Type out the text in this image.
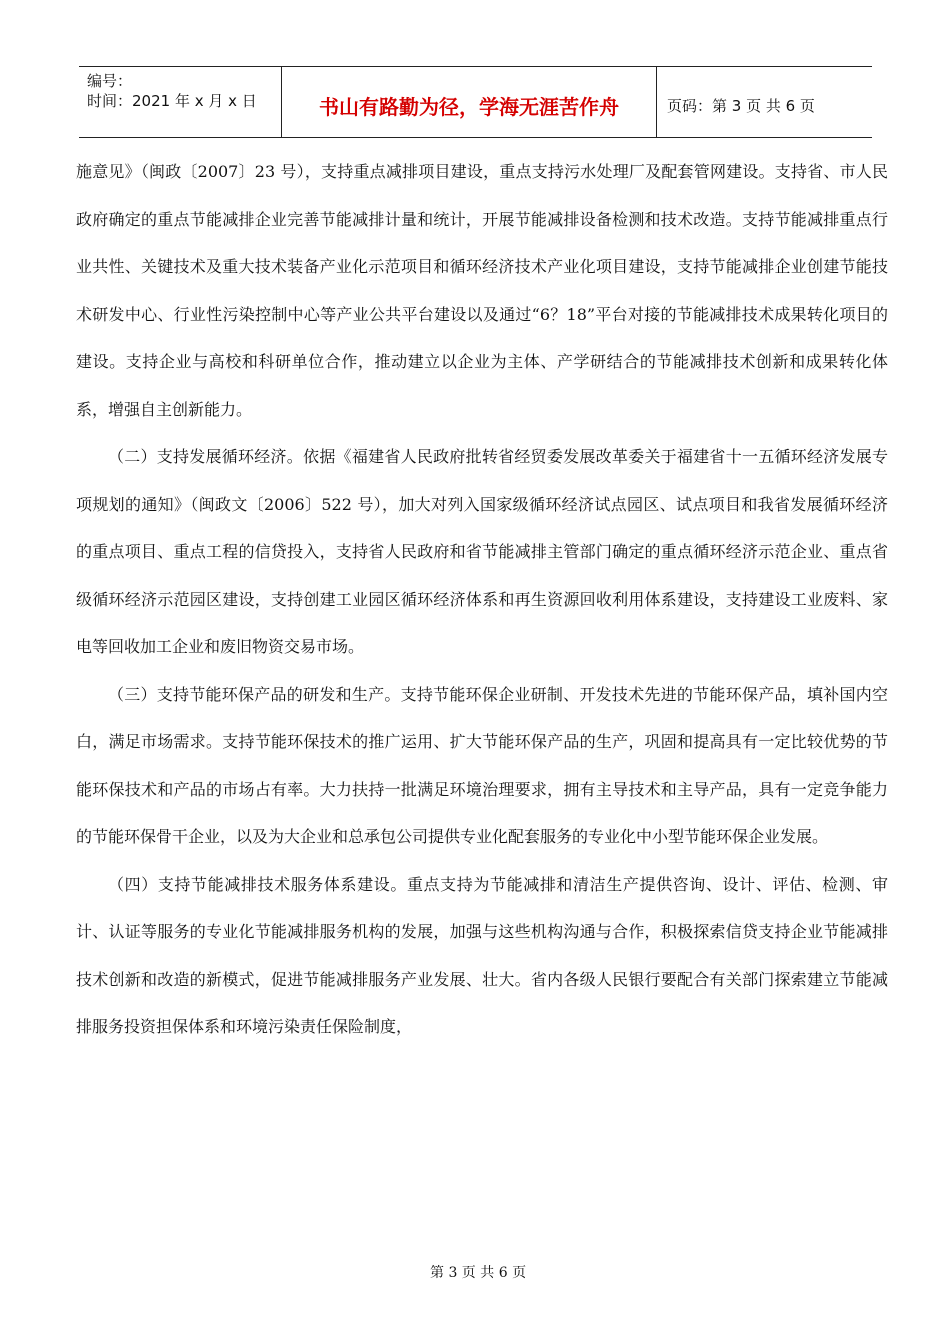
编号：
时间：2021 年 x 月 x 日	书山有路勤为径，学海无涯苦作舟	页码：第 3 页 共 6 页

施意见》（闽政〔2007〕23 号），支持重点减排项目建设，重点支持污水处理厂及配套管网建设。支持省、市人民政府确定的重点节能减排企业完善节能减排计量和统计，开展节能减排设备检测和技术改造。支持节能减排重点行业共性、关键技术及重大技术装备产业化示范项目和循环经济技术产业化项目建设，支持节能减排企业创建节能技术研发中心、行业性污染控制中心等产业公共平台建设以及通过“6？18”平台对接的节能减排技术成果转化项目的建设。支持企业与高校和科研单位合作，推动建立以企业为主体、产学研结合的节能减排技术创新和成果转化体系，增强自主创新能力。

（二）支持发展循环经济。依据《福建省人民政府批转省经贸委发展改革委关于福建省十一五循环经济发展专项规划的通知》（闽政文〔2006〕522 号），加大对列入国家级循环经济试点园区、试点项目和我省发展循环经济的重点项目、重点工程的信贷投入，支持省人民政府和省节能减排主管部门确定的重点循环经济示范企业、重点省级循环经济示范园区建设，支持创建工业园区循环经济体系和再生资源回收利用体系建设，支持建设工业废料、家电等回收加工企业和废旧物资交易市场。

（三）支持节能环保产品的研发和生产。支持节能环保企业研制、开发技术先进的节能环保产品，填补国内空白，满足市场需求。支持节能环保技术的推广运用、扩大节能环保产品的生产，巩固和提高具有一定比较优势的节能环保技术和产品的市场占有率。大力扶持一批满足环境治理要求，拥有主导技术和主导产品，具有一定竞争能力的节能环保骨干企业，以及为大企业和总承包公司提供专业化配套服务的专业化中小型节能环保企业发展。

（四）支持节能减排技术服务体系建设。重点支持为节能减排和清洁生产提供咨询、设计、评估、检测、审计、认证等服务的专业化节能减排服务机构的发展，加强与这些机构沟通与合作，积极探索信贷支持企业节能减排技术创新和改造的新模式，促进节能减排服务产业发展、壮大。省内各级人民银行要配合有关部门探索建立节能减排服务投资担保体系和环境污染责任保险制度，

第 3 页 共 6 页
